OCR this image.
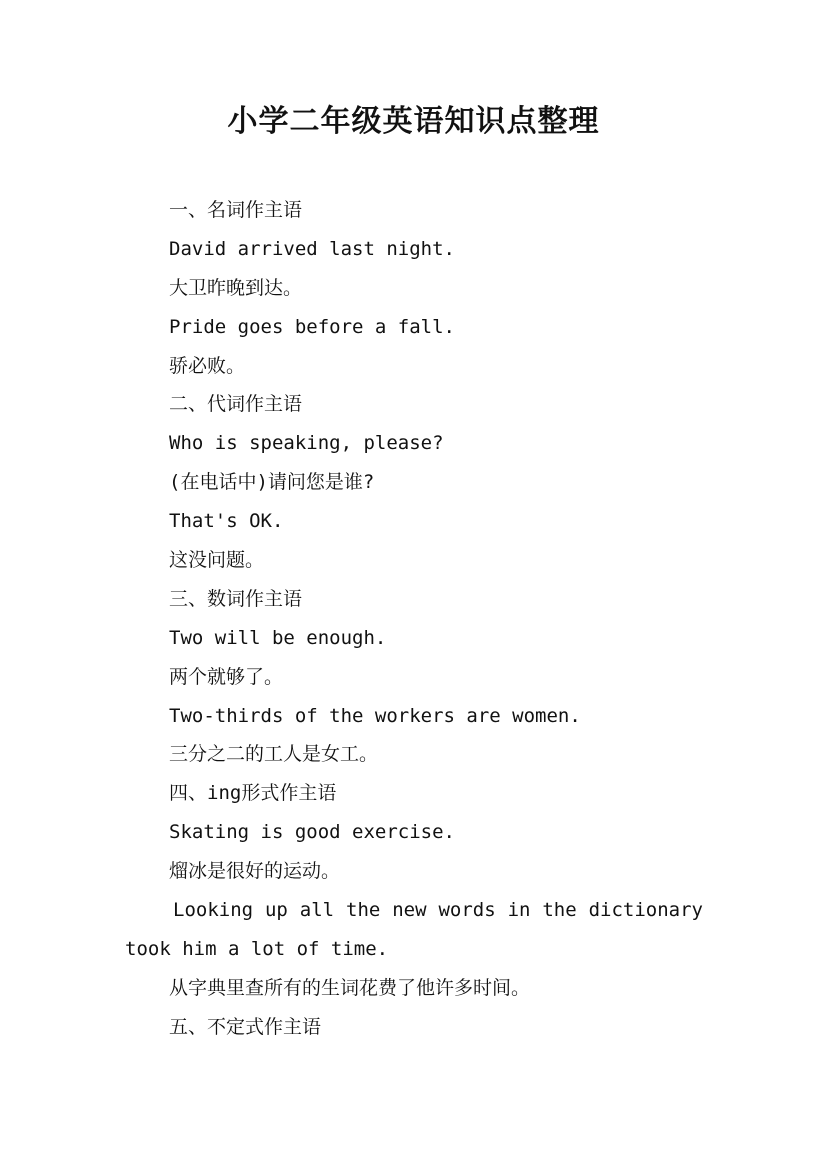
小学二年级英语知识点整理
一、名词作主语
David arrived last night.
大卫昨晚到达。
Pride goes before a fall.
骄必败。
二、代词作主语
Who is speaking, please?
(在电话中)请问您是谁?
That's OK.
这没问题。
三、数词作主语
Two will be enough.
两个就够了。
Two-thirds of the workers are women.
三分之二的工人是女工。
四、ing形式作主语
Skating is good exercise.
熘冰是很好的运动。
Looking up all the new words in the dictionary took him a lot of time.
从字典里查所有的生词花费了他许多时间。
五、不定式作主语
